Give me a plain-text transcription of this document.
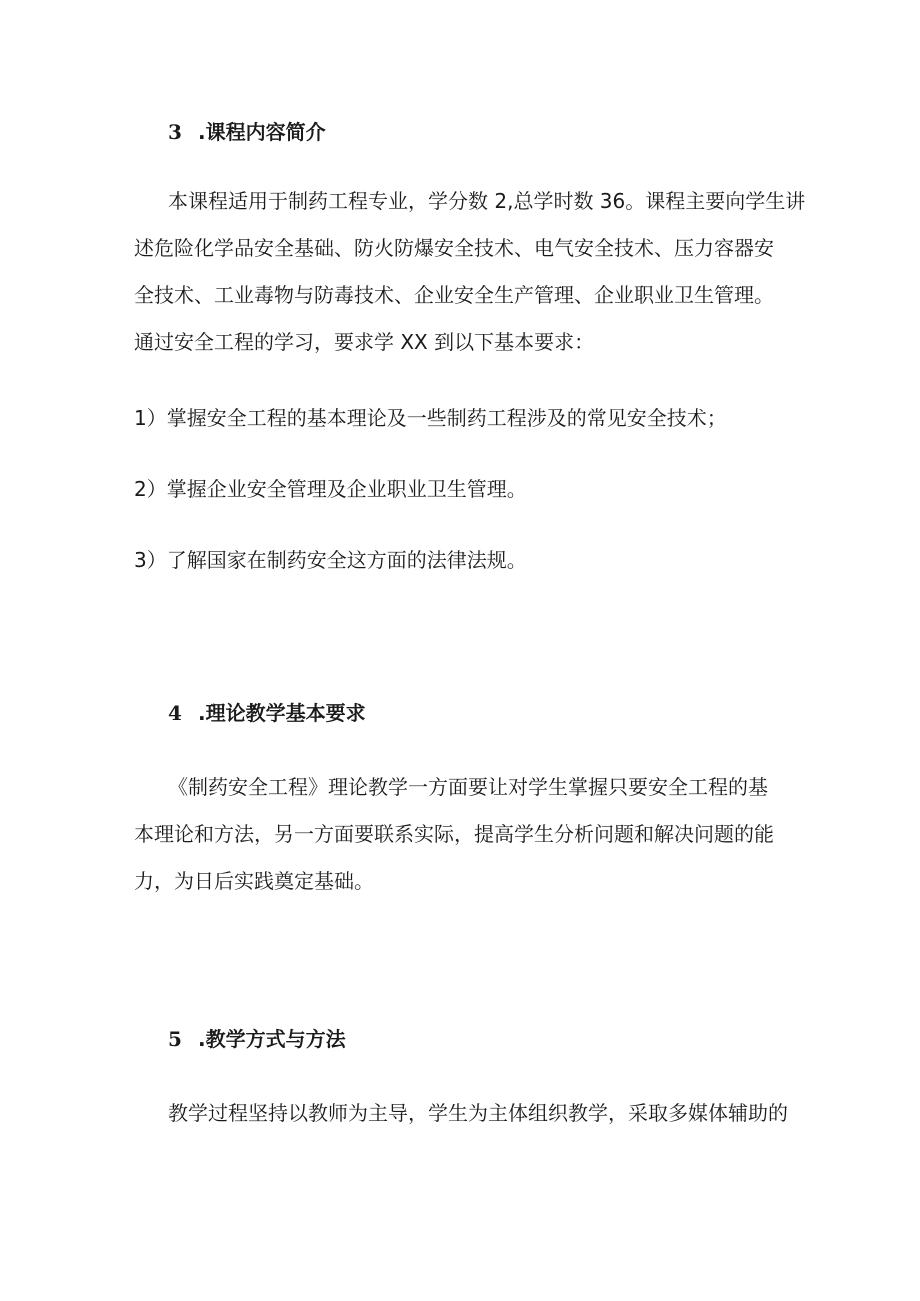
3 .课程内容简介
本课程适用于制药工程专业，学分数 2,总学时数 36。课程主要向学生讲
述危险化学品安全基础、防火防爆安全技术、电气安全技术、压力容器安
全技术、工业毒物与防毒技术、企业安全生产管理、企业职业卫生管理。
通过安全工程的学习，要求学 XX 到以下基本要求：
1）掌握安全工程的基本理论及一些制药工程涉及的常见安全技术；
2）掌握企业安全管理及企业职业卫生管理。
3）了解国家在制药安全这方面的法律法规。
4 .理论教学基本要求
《制药安全工程》理论教学一方面要让对学生掌握只要安全工程的基
本理论和方法，另一方面要联系实际，提高学生分析问题和解决问题的能
力，为日后实践奠定基础。
5 .教学方式与方法
教学过程坚持以教师为主导，学生为主体组织教学，采取多媒体辅助的
